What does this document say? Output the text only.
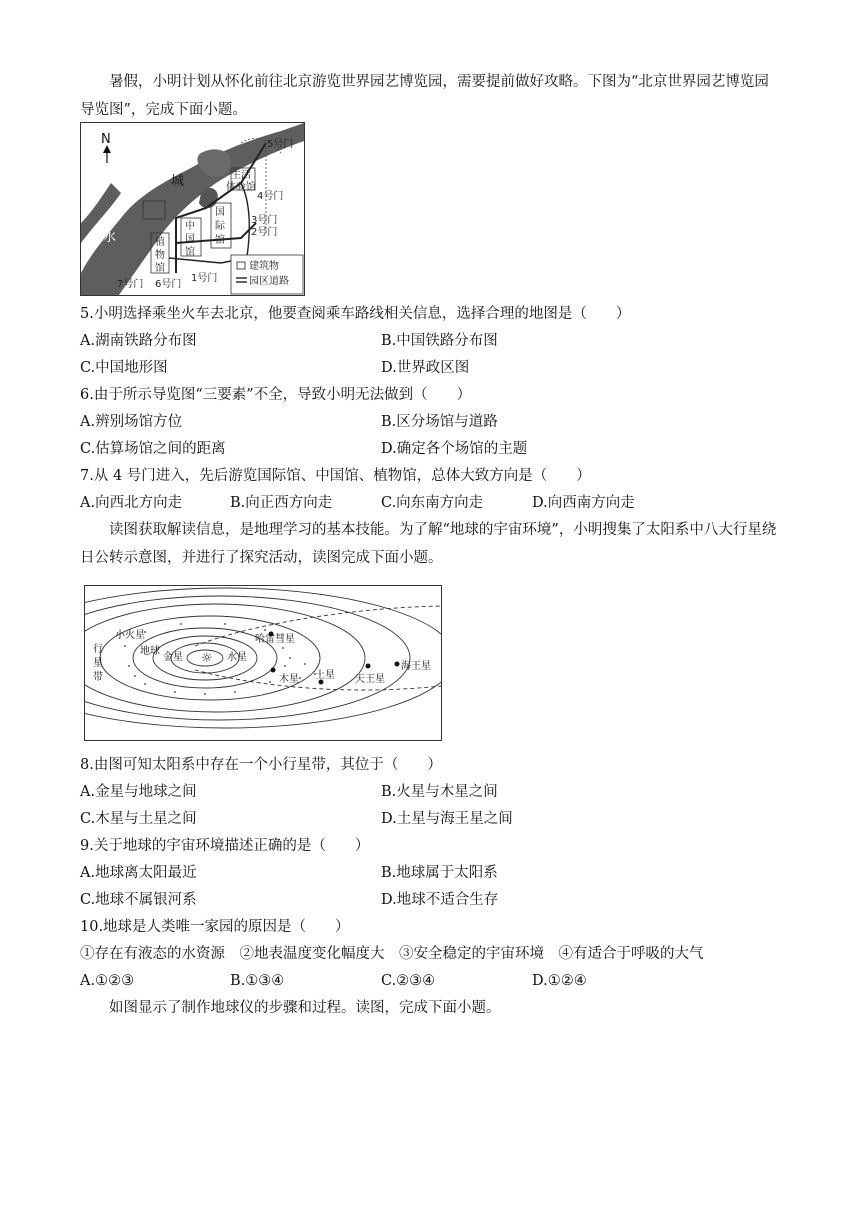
暑假，小明计划从怀化前往北京游览世界园艺博览园，需要提前做好攻略。下图为“北京世界园艺博览园导览图”，完成下面小题。
N
城
水
生活
体验馆
国
际
馆
中
国
馆
植
物
馆
5号门
4号门
3号门
2号门
1号门
6号门
7号门
建筑物
园区道路
5.小明选择乘坐火车去北京，他要查阅乘车路线相关信息，选择合理的地图是（　　）
A.湖南铁路分布图	B.中国铁路分布图
C.中国地形图	D.世界政区图
6.由于所示导览图“三要素”不全，导致小明无法做到（　　）
A.辨别场馆方位	B.区分场馆与道路
C.估算场馆之间的距离	D.确定各个场馆的主题
7.从 4 号门进入，先后游览国际馆、中国馆、植物馆，总体大致方向是（　　）
A.向西北方向走	B.向正西方向走	C.向东南方向走	D.向西南方向走
读图获取解读信息，是地理学习的基本技能。为了解“地球的宇宙环境”，小明搜集了太阳系中八大行星绕日公转示意图，并进行了探究活动，读图完成下面小题。
☼
小火星
行
星
带
地球
金星	水星
哈雷彗星
木星 土星 天王星
海王星
8.由图可知太阳系中存在一个小行星带，其位于（　　）
A.金星与地球之间	B.火星与木星之间
C.木星与土星之间	D.土星与海王星之间
9.关于地球的宇宙环境描述正确的是（　　）
A.地球离太阳最近	B.地球属于太阳系
C.地球不属银河系	D.地球不适合生存
10.地球是人类唯一家园的原因是（　　）
①存在有液态的水资源　②地表温度变化幅度大　③安全稳定的宇宙环境　④有适合于呼吸的大气
A.①②③	B.①③④	C.②③④	D.①②④
如图显示了制作地球仪的步骤和过程。读图，完成下面小题。
